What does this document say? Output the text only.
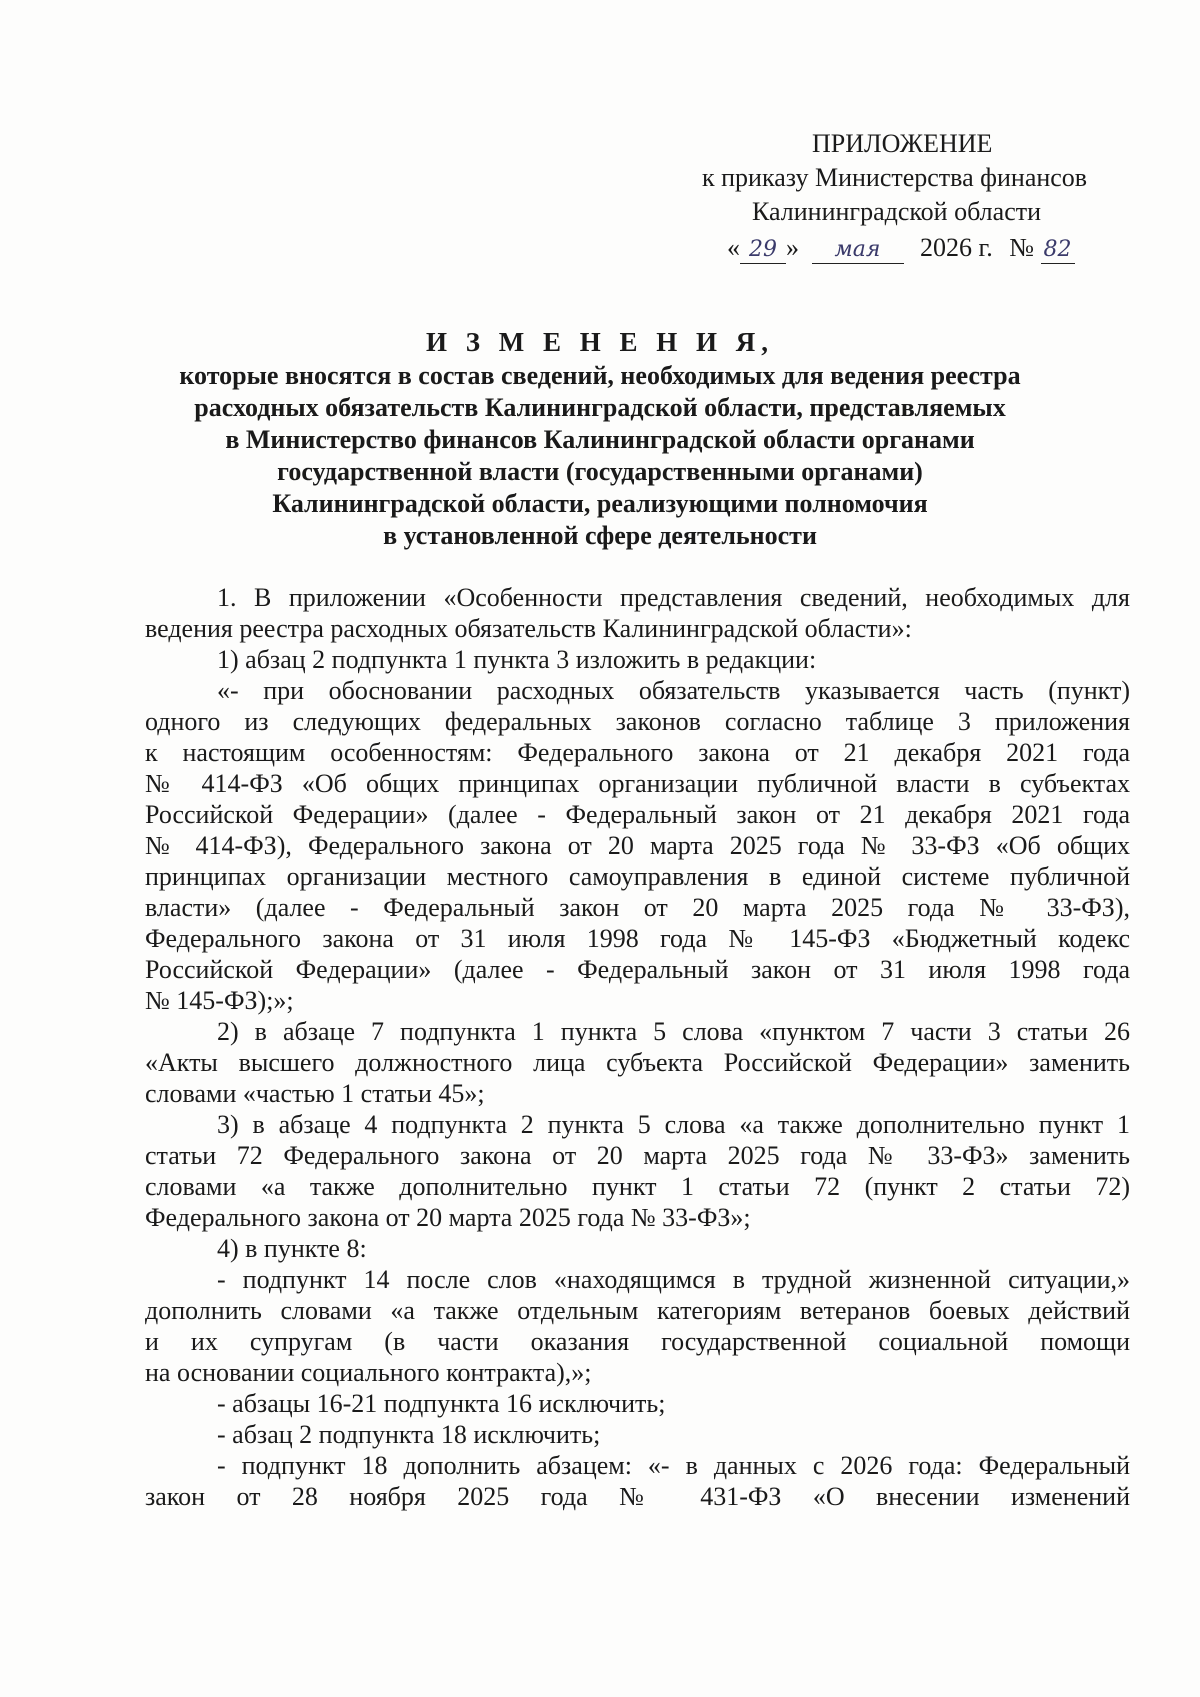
ПРИЛОЖЕНИЕ
к приказу Министерства финансов
Калининградской области
« 29 » мая 2026 г. № 82
И З М Е Н Е Н И Я,
которые вносятся в состав сведений, необходимых для ведения реестра
расходных обязательств Калининградской области, представляемых
в Министерство финансов Калининградской области органами
государственной власти (государственными органами)
Калининградской области, реализующими полномочия
в установленной сфере деятельности
1. В приложении «Особенности представления сведений, необходимых для
ведения реестра расходных обязательств Калининградской области»:
1) абзац 2 подпункта 1 пункта 3 изложить в редакции:
«- при обосновании расходных обязательств указывается часть (пункт)
одного из следующих федеральных законов согласно таблице 3 приложения
к настоящим особенностям: Федерального закона от 21 декабря 2021 года
№ 414-ФЗ «Об общих принципах организации публичной власти в субъектах
Российской Федерации» (далее - Федеральный закон от 21 декабря 2021 года
№ 414-ФЗ), Федерального закона от 20 марта 2025 года № 33-ФЗ «Об общих
принципах организации местного самоуправления в единой системе публичной
власти» (далее - Федеральный закон от 20 марта 2025 года № 33-ФЗ),
Федерального закона от 31 июля 1998 года № 145-ФЗ «Бюджетный кодекс
Российской Федерации» (далее - Федеральный закон от 31 июля 1998 года
№ 145-ФЗ);»;
2) в абзаце 7 подпункта 1 пункта 5 слова «пунктом 7 части 3 статьи 26
«Акты высшего должностного лица субъекта Российской Федерации» заменить
словами «частью 1 статьи 45»;
3) в абзаце 4 подпункта 2 пункта 5 слова «а также дополнительно пункт 1
статьи 72 Федерального закона от 20 марта 2025 года № 33-ФЗ» заменить
словами «а также дополнительно пункт 1 статьи 72 (пункт 2 статьи 72)
Федерального закона от 20 марта 2025 года № 33-ФЗ»;
4) в пункте 8:
- подпункт 14 после слов «находящимся в трудной жизненной ситуации,»
дополнить словами «а также отдельным категориям ветеранов боевых действий
и их супругам (в части оказания государственной социальной помощи
на основании социального контракта),»;
- абзацы 16-21 подпункта 16 исключить;
- абзац 2 подпункта 18 исключить;
- подпункт 18 дополнить абзацем: «- в данных с 2026 года: Федеральный
закон от 28 ноября 2025 года № 431-ФЗ «О внесении изменений
